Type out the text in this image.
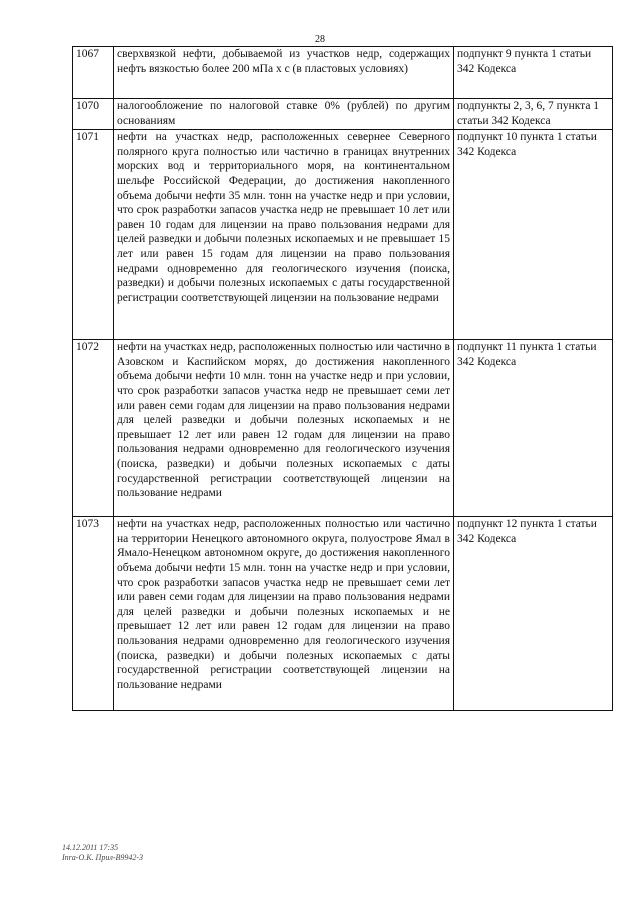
28
1067	сверхвязкой нефти, добываемой из участков недр, содержащих нефть вязкостью более 200 мПа х с (в пластовых условиях)	подпункт 9 пункта 1 статьи 342 Кодекса
1070	налогообложение по налоговой ставке 0% (рублей) по другим основаниям	подпункты 2, 3, 6, 7 пункта 1 статьи 342 Кодекса
1071	нефти на участках недр, расположенных севернее Северного полярного круга полностью или частично в границах внутренних морских вод и территориального моря, на континентальном шельфе Российской Федерации, до достижения накопленного объема добычи нефти 35 млн. тонн на участке недр и при условии, что срок разработки запасов участка недр не превышает 10 лет или равен 10 годам для лицензии на право пользования недрами для целей разведки и добычи полезных ископаемых и не превышает 15 лет или равен 15 годам для лицензии на право пользования недрами одновременно для геологического изучения (поиска, разведки) и добычи полезных ископаемых с даты государственной регистрации соответствующей лицензии на пользование недрами	подпункт 10 пункта 1 статьи 342 Кодекса
1072	нефти на участках недр, расположенных полностью или частично в Азовском и Каспийском морях, до достижения накопленного объема добычи нефти 10 млн. тонн на участке недр и при условии, что срок разработки запасов участка недр не превышает семи лет или равен семи годам для лицензии на право пользования недрами для целей разведки и добычи полезных ископаемых и не превышает 12 лет или равен 12 годам для лицензии на право пользования недрами одновременно для геологического изучения (поиска, разведки) и добычи полезных ископаемых с даты государственной регистрации соответствующей лицензии на пользование недрами	подпункт 11 пункта 1 статьи 342 Кодекса
1073	нефти на участках недр, расположенных полностью или частично на территории Ненецкого автономного округа, полуострове Ямал в Ямало-Ненецком автономном округе, до достижения накопленного объема добычи нефти 15 млн. тонн на участке недр и при условии, что срок разработки запасов участка недр не превышает семи лет или равен семи годам для лицензии на право пользования недрами для целей разведки и добычи полезных ископаемых и не превышает 12 лет или равен 12 годам для лицензии на право пользования недрами одновременно для геологического изучения (поиска, разведки) и добычи полезных ископаемых с даты государственной регистрации соответствующей лицензии на пользование недрами	подпункт 12 пункта 1 статьи 342 Кодекса
14.12.2011 17:35
Inra-O.K. Прил-В9942-3
